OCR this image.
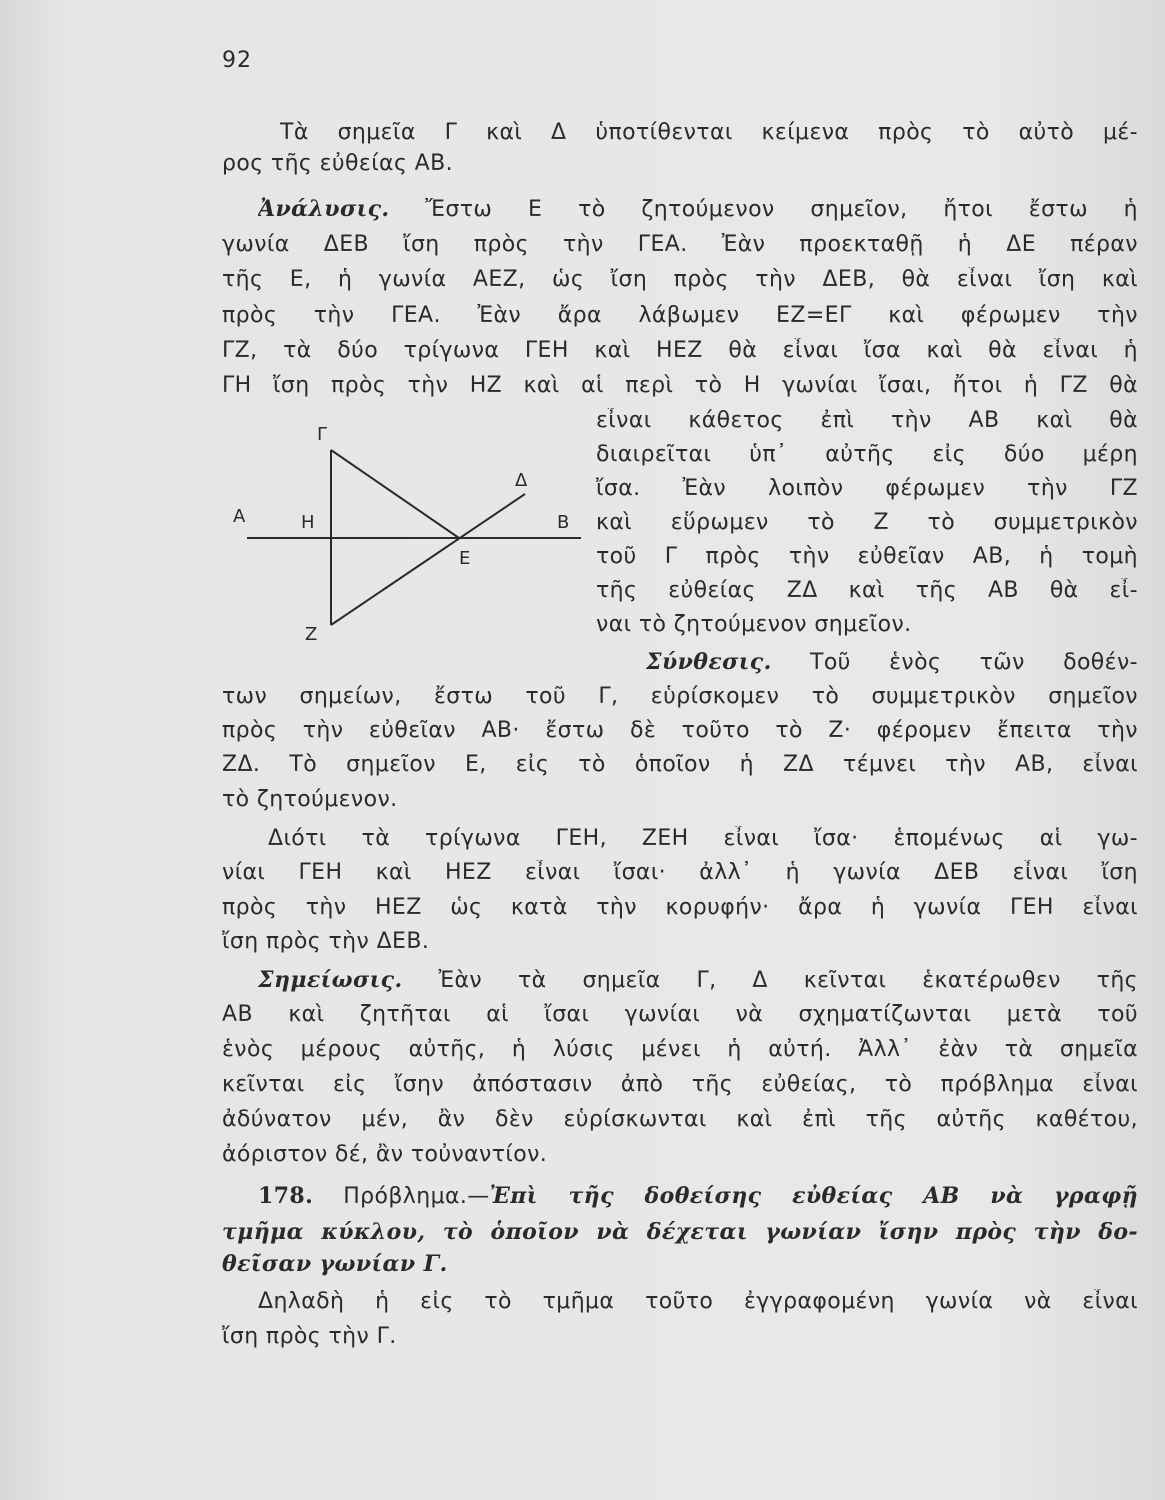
92
Τὰ σημεῖα Γ καὶ Δ ὑποτίθενται κείμενα πρὸς τὸ αὐτὸ μέ-
ρος τῆς εὐθείας ΑΒ.
Ἀνάλυσις. Ἔστω Ε τὸ ζητούμενον σημεῖον, ἤτοι ἔστω ἡ
γωνία ΔΕΒ ἴση πρὸς τὴν ΓΕΑ. Ἐὰν προεκταθῇ ἡ ΔΕ πέραν
τῆς Ε, ἡ γωνία ΑΕΖ, ὡς ἴση πρὸς τὴν ΔΕΒ, θὰ εἶναι ἴση καὶ
πρὸς τὴν ΓΕΑ. Ἐὰν ἄρα λάβωμεν ΕΖ=ΕΓ καὶ φέρωμεν τὴν
ΓΖ, τὰ δύο τρίγωνα ΓΕΗ καὶ ΗΕΖ θὰ εἶναι ἴσα καὶ θὰ εἶναι ἡ
ΓΗ ἴση πρὸς τὴν ΗΖ καὶ αἱ περὶ τὸ Η γωνίαι ἴσαι, ἤτοι ἡ ΓΖ θὰ
εἶναι κάθετος ἐπὶ τὴν ΑΒ καὶ θὰ
διαιρεῖται ὑπ᾽ αὐτῆς εἰς δύο μέρη
ἴσα. Ἐὰν λοιπὸν φέρωμεν τὴν ΓΖ
καὶ εὕρωμεν τὸ Ζ τὸ συμμετρικὸν
τοῦ Γ πρὸς τὴν εὐθεῖαν ΑΒ, ἡ τομὴ
τῆς εὐθείας ΖΔ καὶ τῆς ΑΒ θὰ εἶ-
ναι τὸ ζητούμενον σημεῖον.
Σύνθεσις. Τοῦ ἑνὸς τῶν δοθέν-
των σημείων, ἔστω τοῦ Γ, εὑρίσκομεν τὸ συμμετρικὸν σημεῖον
πρὸς τὴν εὐθεῖαν ΑΒ· ἔστω δὲ τοῦτο τὸ Ζ· φέρομεν ἔπειτα τὴν
ΖΔ. Τὸ σημεῖον Ε, εἰς τὸ ὁποῖον ἡ ΖΔ τέμνει τὴν ΑΒ, εἶναι
τὸ ζητούμενον.
Διότι τὰ τρίγωνα ΓΕΗ, ΖΕΗ εἶναι ἴσα· ἑπομένως αἱ γω-
νίαι ΓΕΗ καὶ ΗΕΖ εἶναι ἴσαι· ἀλλ᾽ ἡ γωνία ΔΕΒ εἶναι ἴση
πρὸς τὴν ΗΕΖ ὡς κατὰ τὴν κορυφήν· ἄρα ἡ γωνία ΓΕΗ εἶναι
ἴση πρὸς τὴν ΔΕΒ.
Σημείωσις. Ἐὰν τὰ σημεῖα Γ, Δ κεῖνται ἑκατέρωθεν τῆς
ΑΒ καὶ ζητῆται αἱ ἴσαι γωνίαι νὰ σχηματίζωνται μετὰ τοῦ
ἑνὸς μέρους αὐτῆς, ἡ λύσις μένει ἡ αὐτή. Ἀλλ᾽ ἐὰν τὰ σημεῖα
κεῖνται εἰς ἴσην ἀπόστασιν ἀπὸ τῆς εὐθείας, τὸ πρόβλημα εἶναι
ἀδύνατον μέν, ἂν δὲν εὑρίσκωνται καὶ ἐπὶ τῆς αὐτῆς καθέτου,
ἀόριστον δέ, ἂν τοὐναντίον.
178. Πρόβλημα.—Ἐπὶ τῆς δοθείσης εὐθείας ΑΒ νὰ γραφῇ
τμῆμα κύκλου, τὸ ὁποῖον νὰ δέχεται γωνίαν ἴσην πρὸς τὴν δο-
θεῖσαν γωνίαν Γ.
Δηλαδὴ ἡ εἰς τὸ τμῆμα τοῦτο ἐγγραφομένη γωνία νὰ εἶναι
ἴση πρὸς τὴν Γ.
Α	Η
Γ
Δ
Β
Ε
Ζ
